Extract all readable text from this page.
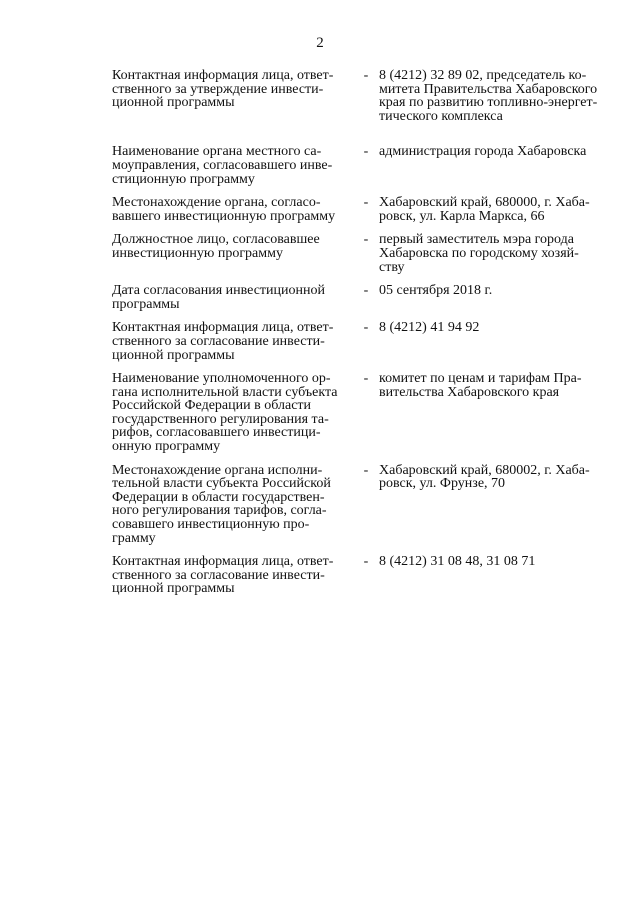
2
Контактная информация лица, ответ-
ственного за утверждение инвести-
ционной программы
- 8 (4212) 32 89 02, председатель ко-
митета Правительства Хабаровского
края по развитию топливно-энергет-
тического комплекса
Наименование органа местного са-
моуправления, согласовавшего инве-
стиционную программу
- администрация города Хабаровска
Местонахождение органа, согласо-
вавшего инвестиционную программу
- Хабаровский край, 680000, г. Хаба-
ровск, ул. Карла Маркса, 66
Должностное лицо, согласовавшее
инвестиционную программу
- первый заместитель мэра города
Хабаровска по городскому хозяй-
ству
Дата согласования инвестиционной
программы
- 05 сентября 2018 г.
Контактная информация лица, ответ-
ственного за согласование инвести-
ционной программы
- 8 (4212) 41 94 92
Наименование уполномоченного ор-
гана исполнительной власти субъекта
Российской Федерации в области
государственного регулирования та-
рифов, согласовавшего инвестици-
онную программу
- комитет по ценам и тарифам Пра-
вительства Хабаровского края
Местонахождение органа исполни-
тельной власти субъекта Российской
Федерации в области государствен-
ного регулирования тарифов, согла-
совавшего инвестиционную про-
грамму
- Хабаровский край, 680002, г. Хаба-
ровск, ул. Фрунзе, 70
Контактная информация лица, ответ-
ственного за согласование инвести-
ционной программы
- 8 (4212) 31 08 48, 31 08 71
